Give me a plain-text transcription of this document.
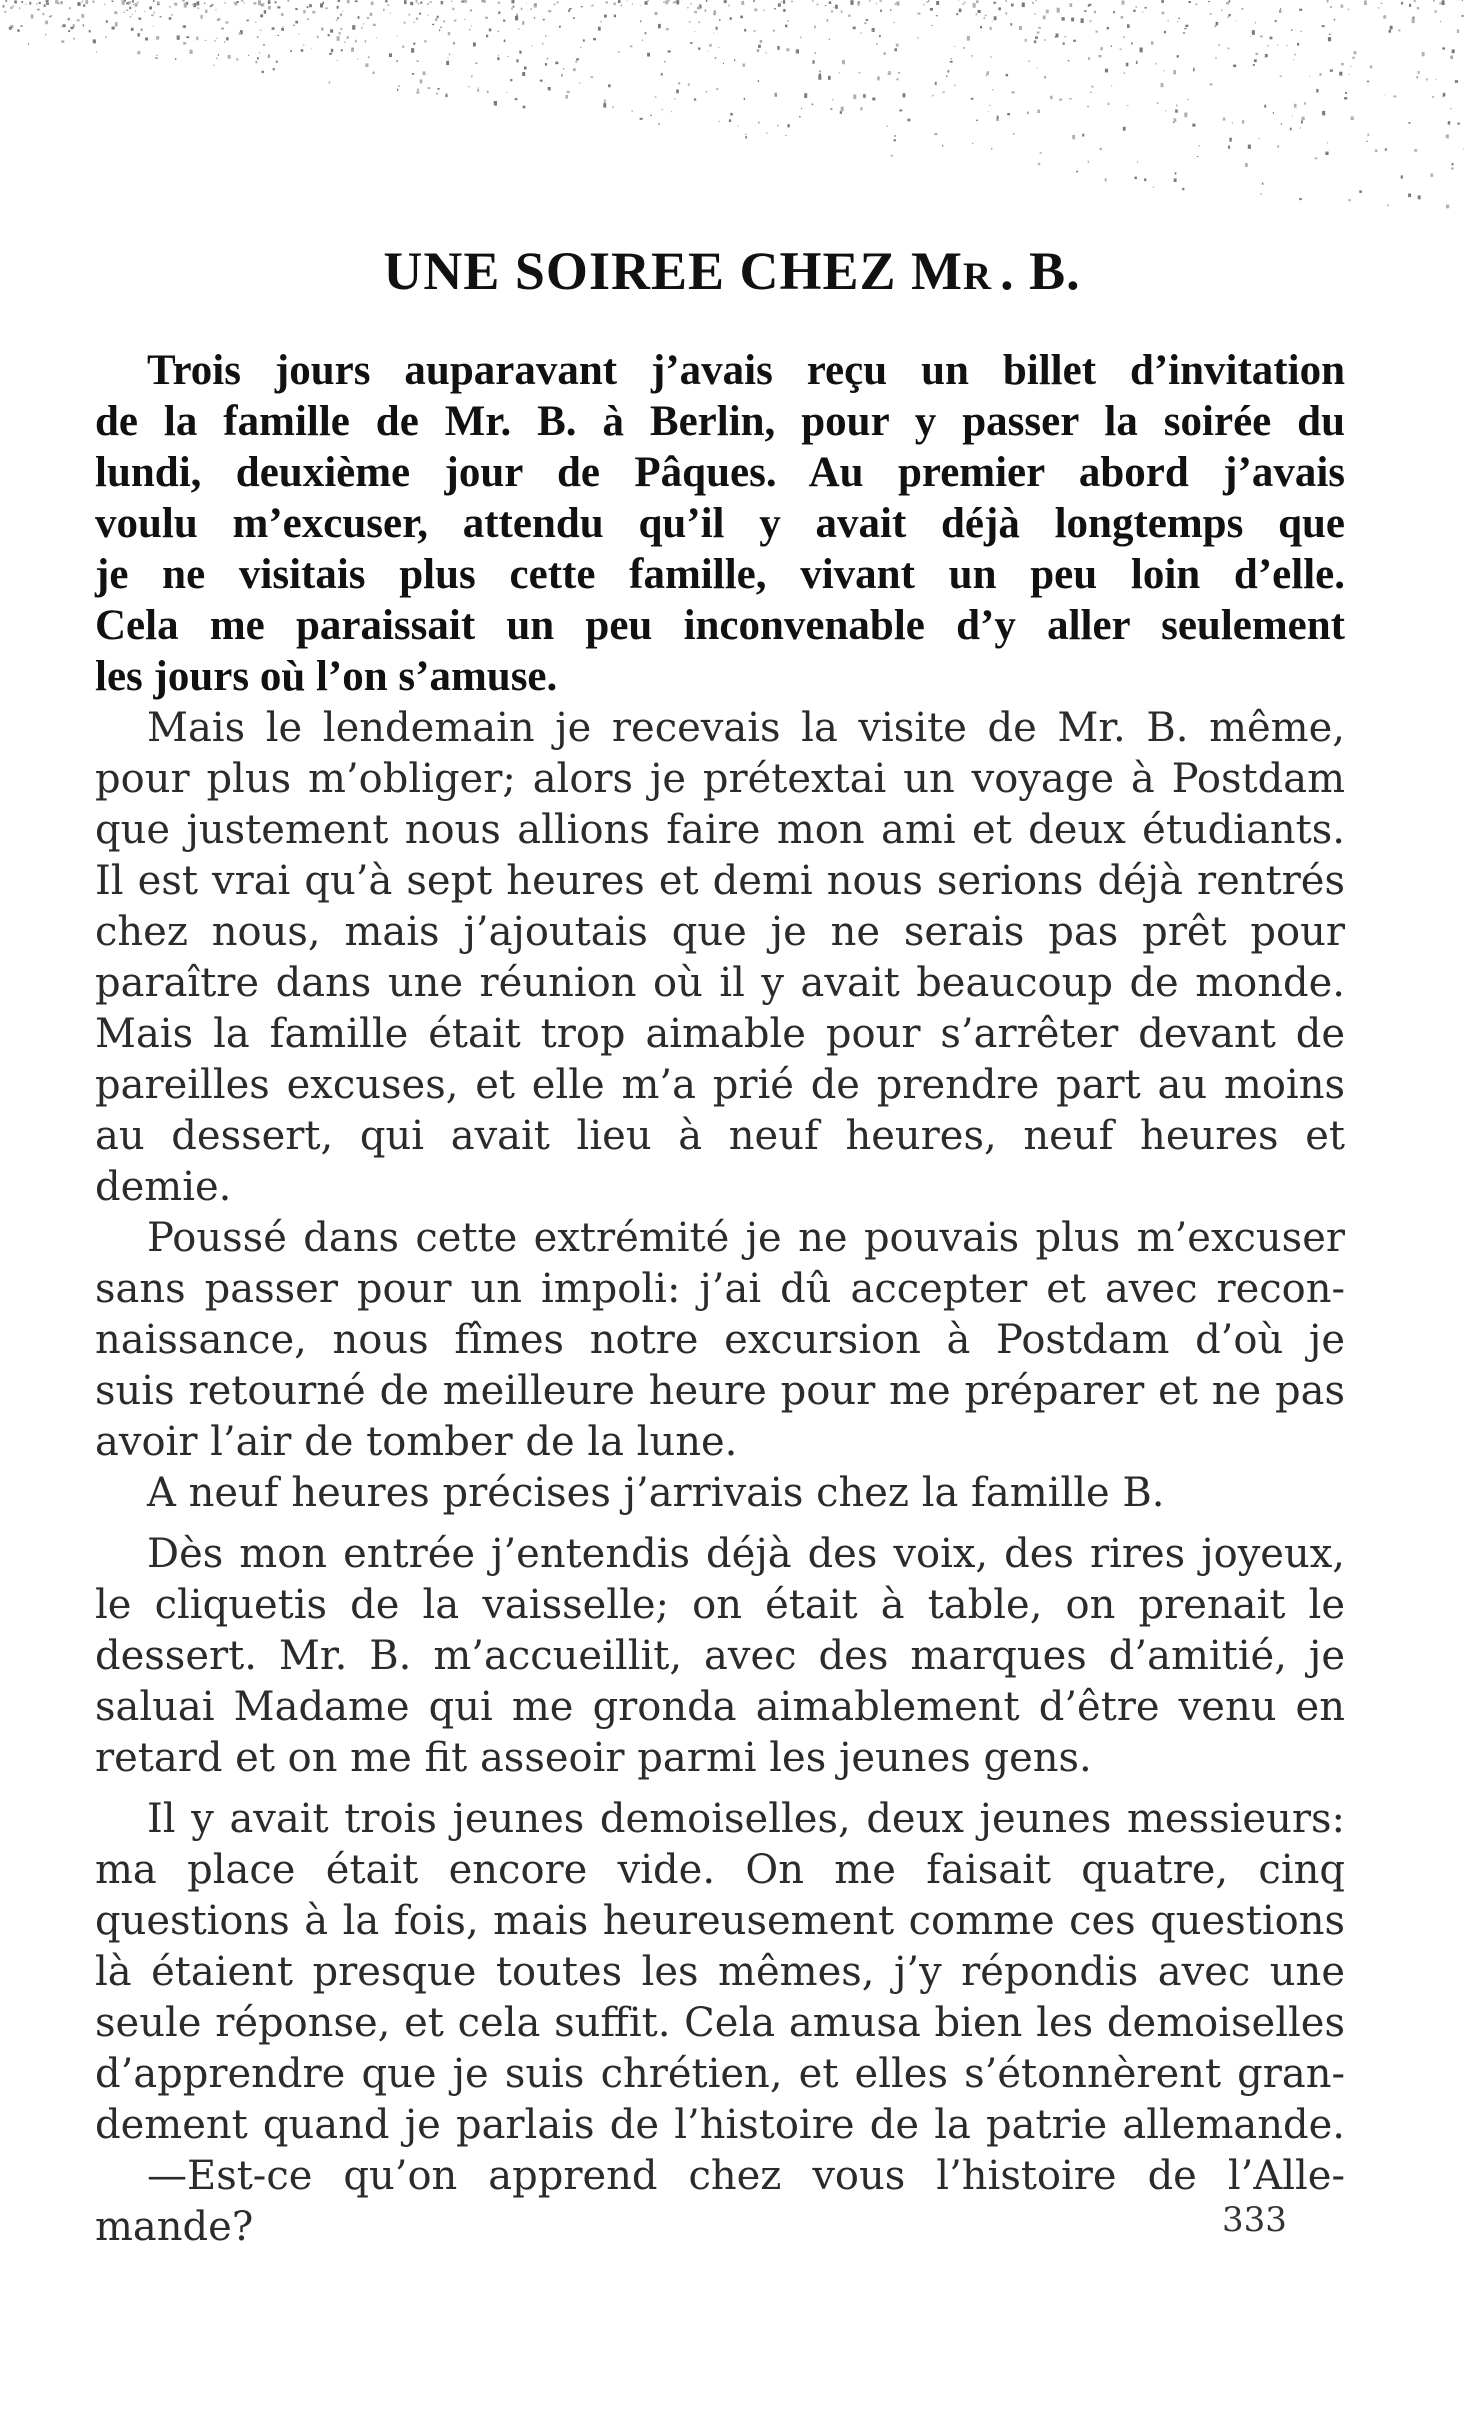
UNE SOIREE CHEZ MR . B.
Trois jours auparavant j’avais reçu un billet d’invitation
de la famille de Mr. B. à Berlin, pour y passer la soirée du
lundi, deuxième jour de Pâques. Au premier abord j’avais
voulu m’excuser, attendu qu’il y avait déjà longtemps que
je ne visitais plus cette famille, vivant un peu loin d’elle.
Cela me paraissait un peu inconvenable d’y aller seulement
les jours où l’on s’amuse.
Mais le lendemain je recevais la visite de Mr. B. même,
pour plus m’obliger; alors je prétextai un voyage à Postdam
que justement nous allions faire mon ami et deux étudiants.
Il est vrai qu’à sept heures et demi nous serions déjà rentrés
chez nous, mais j’ajoutais que je ne serais pas prêt pour
paraître dans une réunion où il y avait beaucoup de monde.
Mais la famille était trop aimable pour s’arrêter devant de
pareilles excuses, et elle m’a prié de prendre part au moins
au dessert, qui avait lieu à neuf heures, neuf heures et
demie.
Poussé dans cette extrémité je ne pouvais plus m’excuser
sans passer pour un impoli: j’ai dû accepter et avec recon-
naissance, nous fîmes notre excursion à Postdam d’où je
suis retourné de meilleure heure pour me préparer et ne pas
avoir l’air de tomber de la lune.
A neuf heures précises j’arrivais chez la famille B.
Dès mon entrée j’entendis déjà des voix, des rires joyeux,
le cliquetis de la vaisselle; on était à table, on prenait le
dessert. Mr. B. m’accueillit, avec des marques d’amitié, je
saluai Madame qui me gronda aimablement d’être venu en
retard et on me fit asseoir parmi les jeunes gens.
Il y avait trois jeunes demoiselles, deux jeunes messieurs:
ma place était encore vide. On me faisait quatre, cinq
questions à la fois, mais heureusement comme ces questions
là étaient presque toutes les mêmes, j’y répondis avec une
seule réponse, et cela suffit. Cela amusa bien les demoiselles
d’apprendre que je suis chrétien, et elles s’étonnèrent gran-
dement quand je parlais de l’histoire de la patrie allemande.
—Est-ce qu’on apprend chez vous l’histoire de l’Alle-
mande?	333
